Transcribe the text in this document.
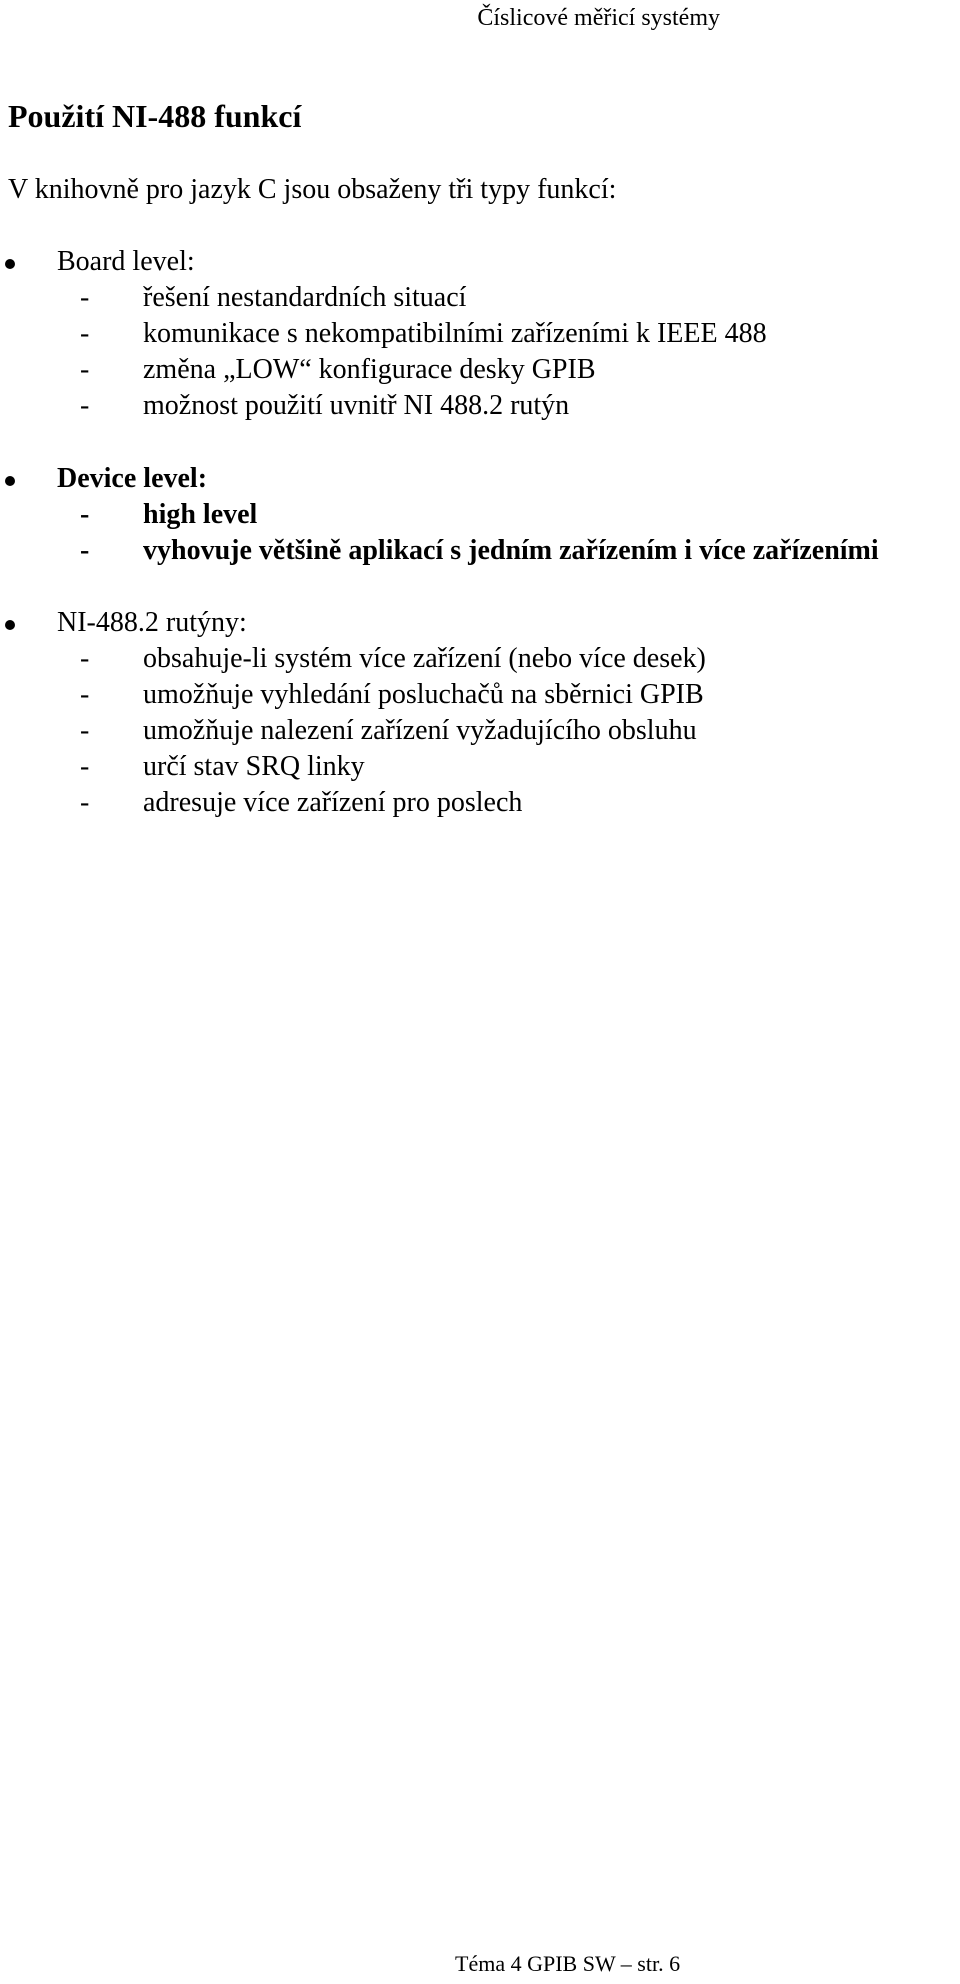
Číslicové měřicí systémy
Použití NI-488 funkcí

V knihovně pro jazyk C jsou obsaženy tři typy funkcí:

Board level:
- řešení nestandardních situací
- komunikace s nekompatibilními zařízeními k IEEE 488
- změna „LOW“ konfigurace desky GPIB
- možnost použití uvnitř NI 488.2 rutýn
Device level:
- high level
- vyhovuje většině aplikací s jedním zařízením i více zařízeními
NI-488.2 rutýny:
- obsahuje-li systém více zařízení (nebo více desek)
- umožňuje vyhledání posluchačů na sběrnici GPIB
- umožňuje nalezení zařízení vyžadujícího obsluhu
- určí stav SRQ linky
- adresuje více zařízení pro poslech
Téma 4 GPIB SW – str. 6
